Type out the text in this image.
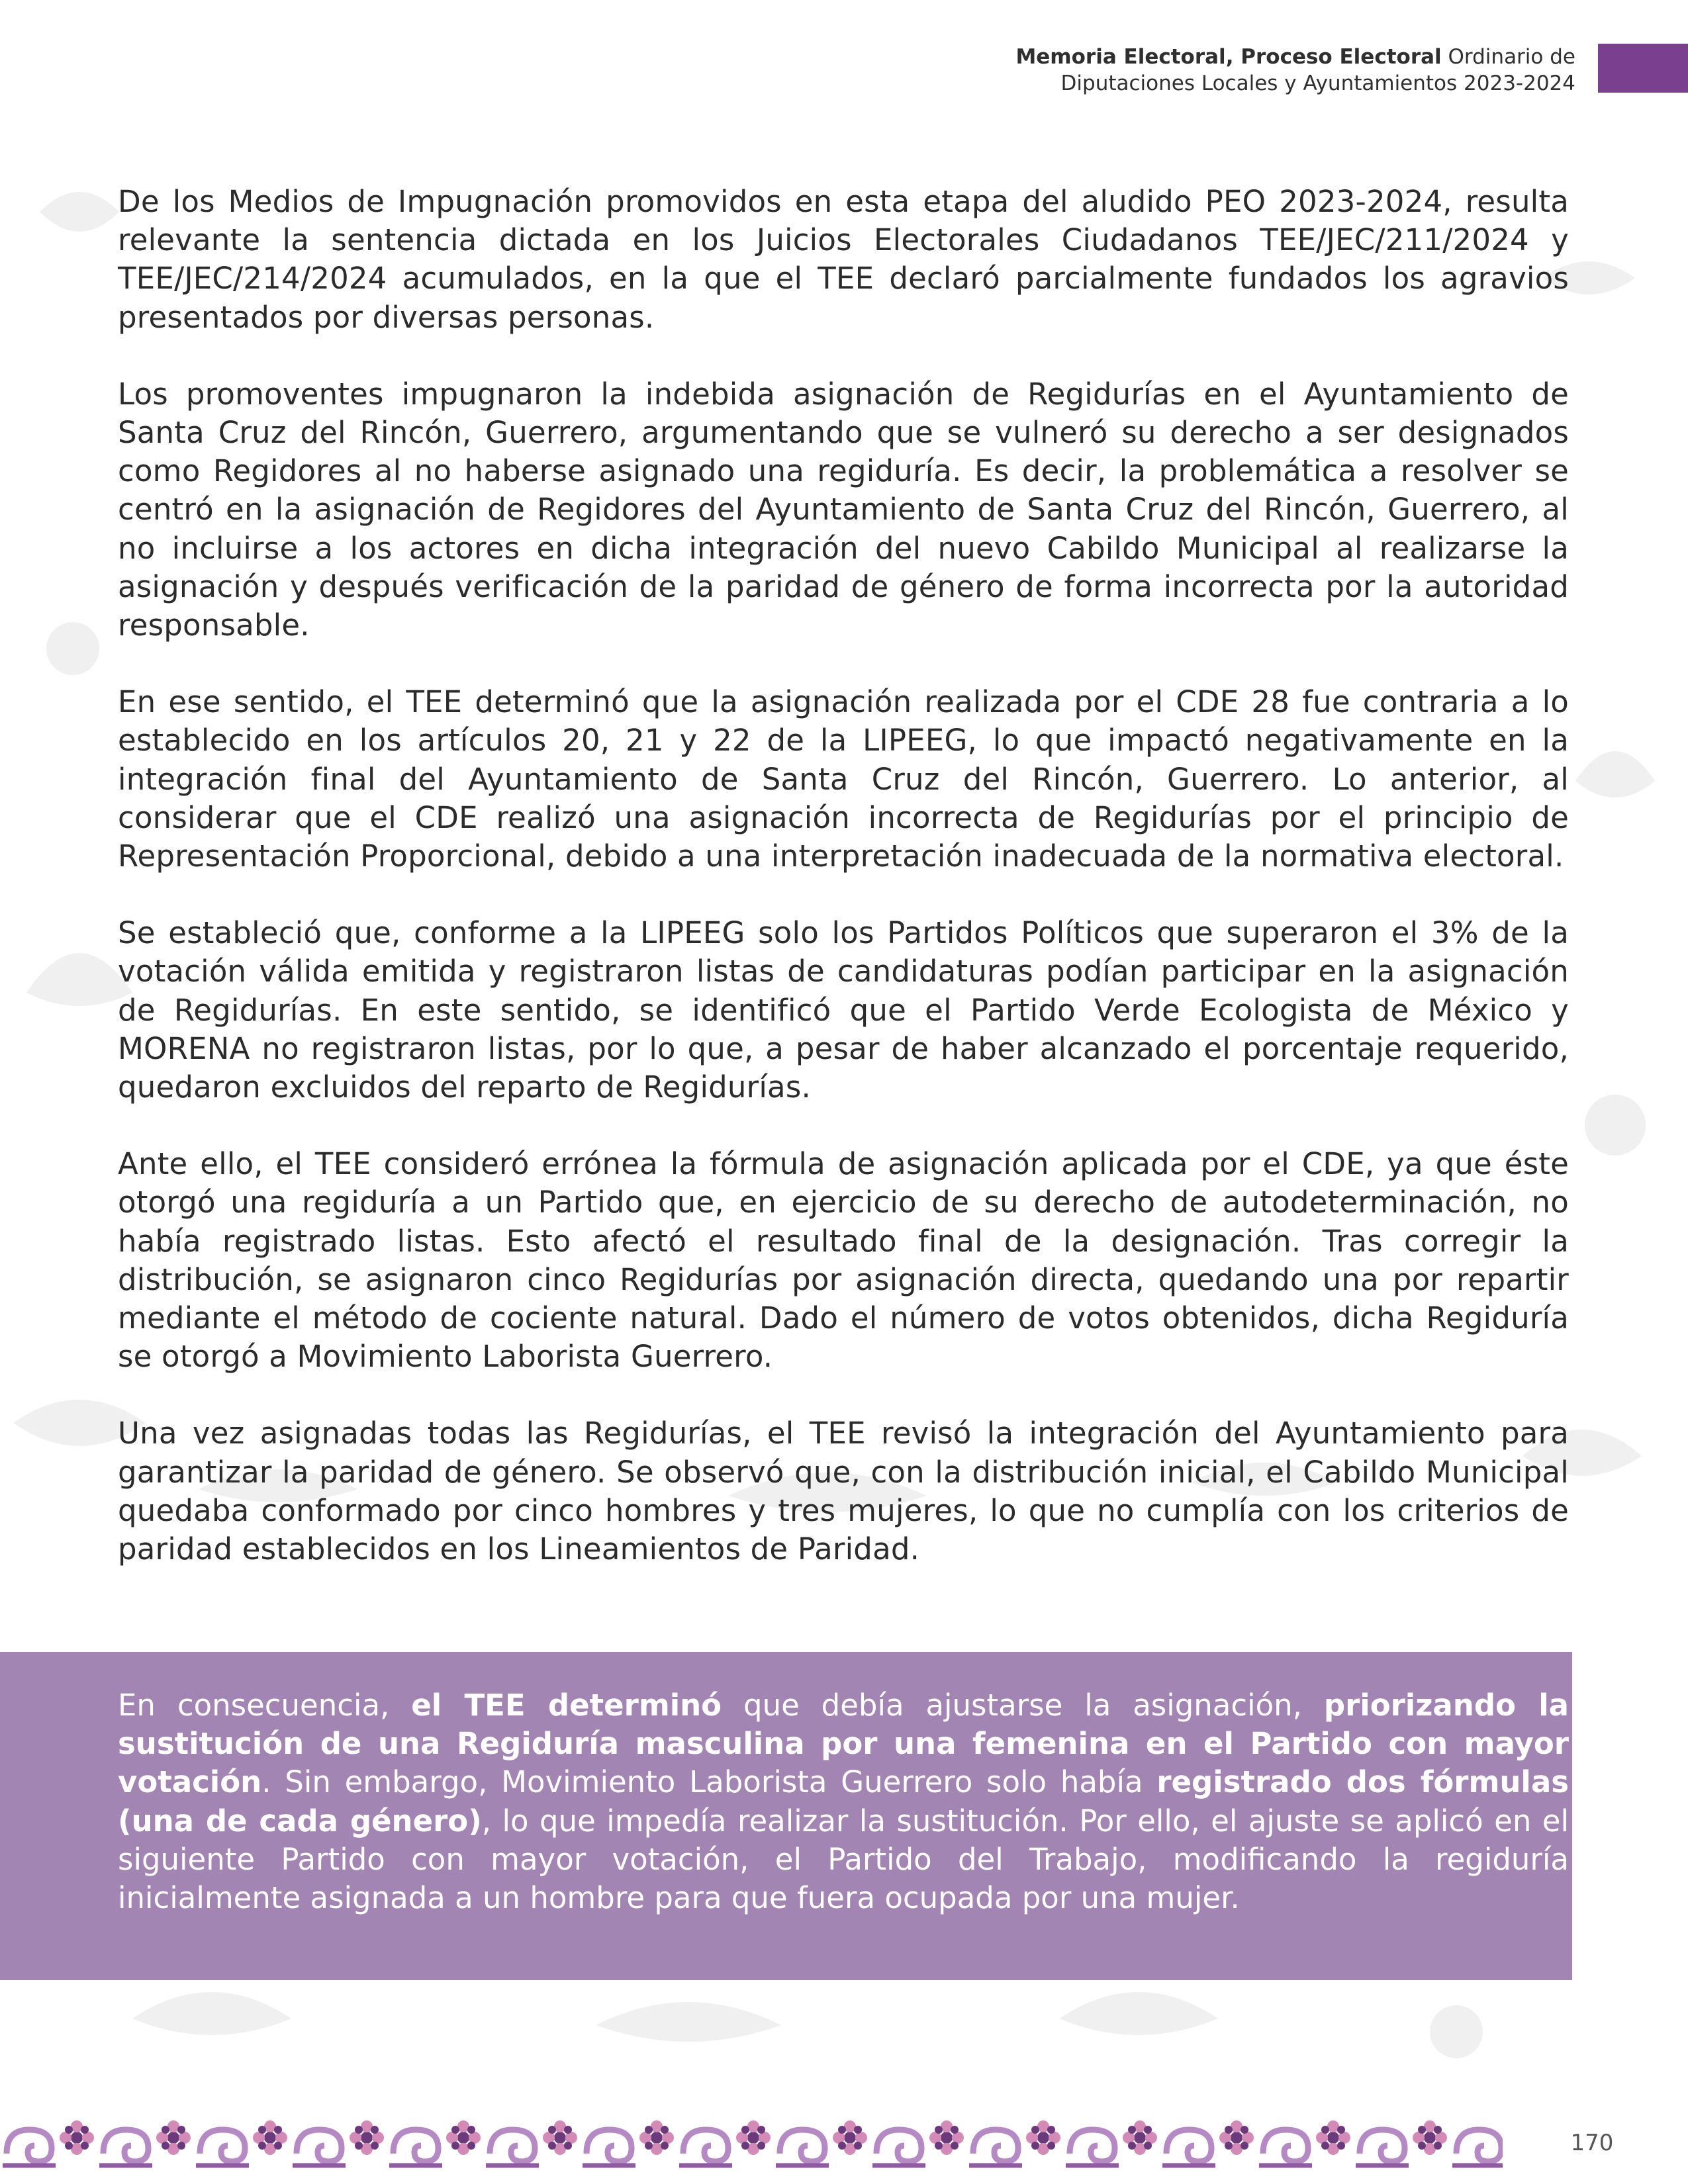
Memoria Electoral, Proceso Electoral Ordinario de
Diputaciones Locales y Ayuntamientos 2023-2024

De los Medios de Impugnación promovidos en esta etapa del aludido PEO 2023-2024, resulta relevante la sentencia dictada en los Juicios Electorales Ciudadanos TEE/JEC/211/2024 y TEE/JEC/214/2024 acumulados, en la que el TEE declaró parcialmente fundados los agravios presentados por diversas personas.

Los promoventes impugnaron la indebida asignación de Regidurías en el Ayuntamiento de Santa Cruz del Rincón, Guerrero, argumentando que se vulneró su derecho a ser designados como Regidores al no haberse asignado una regiduría. Es decir, la problemática a resolver se centró en la asignación de Regidores del Ayuntamiento de Santa Cruz del Rincón, Guerrero, al no incluirse a los actores en dicha integración del nuevo Cabildo Municipal al realizarse la asignación y después verificación de la paridad de género de forma incorrecta por la autoridad responsable.

En ese sentido, el TEE determinó que la asignación realizada por el CDE 28 fue contraria a lo establecido en los artículos 20, 21 y 22 de la LIPEEG, lo que impactó negativamente en la integración final del Ayuntamiento de Santa Cruz del Rincón, Guerrero. Lo anterior, al considerar que el CDE realizó una asignación incorrecta de Regidurías por el principio de Representación Proporcional, debido a una interpretación inadecuada de la normativa electoral.

Se estableció que, conforme a la LIPEEG solo los Partidos Políticos que superaron el 3% de la votación válida emitida y registraron listas de candidaturas podían participar en la asignación de Regidurías. En este sentido, se identificó que el Partido Verde Ecologista de México y MORENA no registraron listas, por lo que, a pesar de haber alcanzado el porcentaje requerido, quedaron excluidos del reparto de Regidurías.

Ante ello, el TEE consideró errónea la fórmula de asignación aplicada por el CDE, ya que éste otorgó una regiduría a un Partido que, en ejercicio de su derecho de autodeterminación, no había registrado listas. Esto afectó el resultado final de la designación. Tras corregir la distribución, se asignaron cinco Regidurías por asignación directa, quedando una por repartir mediante el método de cociente natural. Dado el número de votos obtenidos, dicha Regiduría se otorgó a Movimiento Laborista Guerrero.

Una vez asignadas todas las Regidurías, el TEE revisó la integración del Ayuntamiento para garantizar la paridad de género. Se observó que, con la distribución inicial, el Cabildo Municipal quedaba conformado por cinco hombres y tres mujeres, lo que no cumplía con los criterios de paridad establecidos en los Lineamientos de Paridad.

En consecuencia, el TEE determinó que debía ajustarse la asignación, priorizando la sustitución de una Regiduría masculina por una femenina en el Partido con mayor votación. Sin embargo, Movimiento Laborista Guerrero solo había registrado dos fórmulas (una de cada género), lo que impedía realizar la sustitución. Por ello, el ajuste se aplicó en el siguiente Partido con mayor votación, el Partido del Trabajo, modificando la regiduría inicialmente asignada a un hombre para que fuera ocupada por una mujer.
170
